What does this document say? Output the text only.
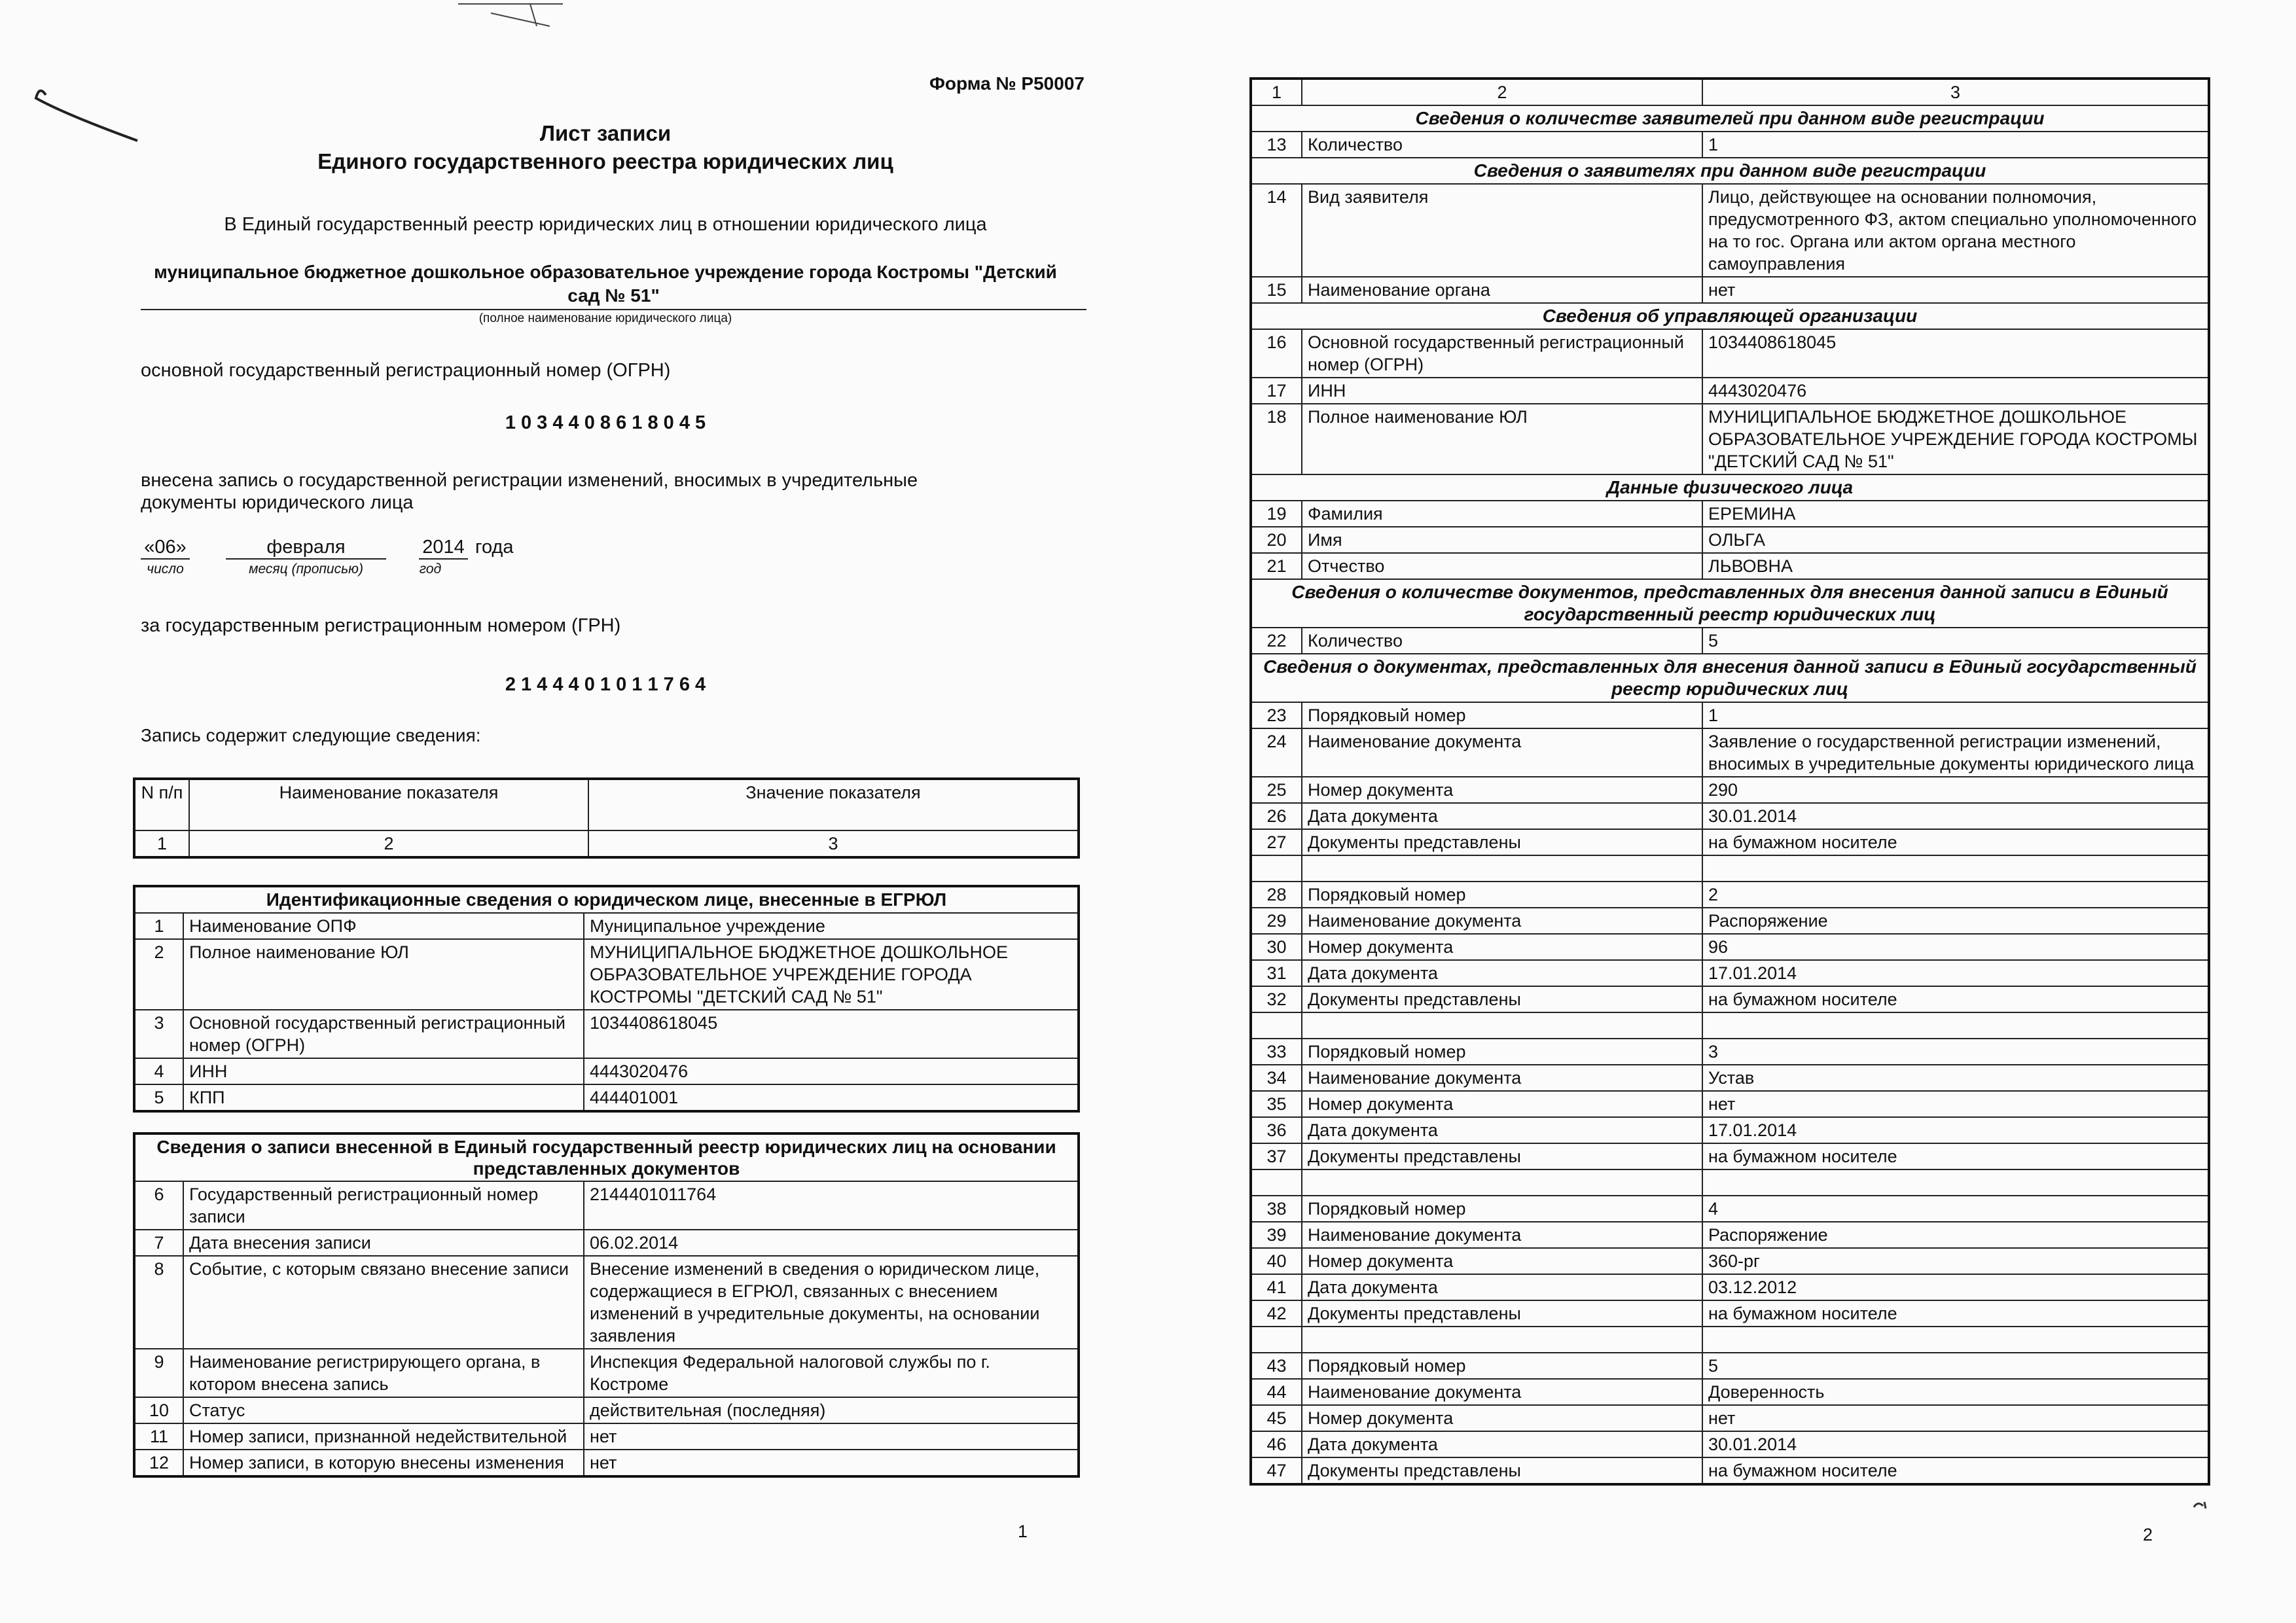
Форма № Р50007
Лист записи
Единого государственного реестра юридических лиц
В Единый государственный реестр юридических лиц в отношении юридического лица
муниципальное бюджетное дошкольное образовательное учреждение города Костромы "Детский
сад № 51"
(полное наименование юридического лица)
основной государственный регистрационный номер (ОГРН)
1 0 3 4 4 0 8 6 1 8 0 4 5
внесена запись о государственной регистрации изменений, вносимых в учредительные
документы юридического лица
«06»	февраля	2014 года
число	месяц (прописью)	год
за государственным регистрационным номером (ГРН)
2 1 4 4 4 0 1 0 1 1 7 6 4
Запись содержит следующие сведения:
N п/п	Наименование показателя	Значение показателя
1	2	3
Идентификационные сведения о юридическом лице, внесенные в ЕГРЮЛ		
1	Наименование ОПФ	Муниципальное учреждение
2	Полное наименование ЮЛ	МУНИЦИПАЛЬНОЕ БЮДЖЕТНОЕ ДОШКОЛЬНОЕ ОБРАЗОВАТЕЛЬНОЕ УЧРЕЖДЕНИЕ ГОРОДА КОСТРОМЫ "ДЕТСКИЙ САД № 51"
3	Основной государственный регистрационный номер (ОГРН)	1034408618045
4	ИНН	4443020476
5	КПП	444401001
Сведения о записи внесенной в Единый государственный реестр юридических лиц на основании представленных документов		
6	Государственный регистрационный номер записи	2144401011764
7	Дата внесения записи	06.02.2014
8	Событие, с которым связано внесение записи	Внесение изменений в сведения о юридическом лице, содержащиеся в ЕГРЮЛ, связанных с внесением изменений в учредительные документы, на основании заявления
9	Наименование регистрирующего органа, в котором внесена запись	Инспекция Федеральной налоговой службы по г. Костроме
10	Статус	действительная (последняя)
11	Номер записи, признанной недействительной	нет
12	Номер записи, в которую внесены изменения	нет
1
1	2	3
Сведения о количестве заявителей при данном виде регистрации		
13	Количество	1
Сведения о заявителях при данном виде регистрации		
14	Вид заявителя	Лицо, действующее на основании полномочия, предусмотренного ФЗ, актом специально уполномоченного на то гос. Органа или актом органа местного самоуправления
15	Наименование органа	нет
Сведения об управляющей организации		
16	Основной государственный регистрационный номер (ОГРН)	1034408618045
17	ИНН	4443020476
18	Полное наименование ЮЛ	МУНИЦИПАЛЬНОЕ БЮДЖЕТНОЕ ДОШКОЛЬНОЕ ОБРАЗОВАТЕЛЬНОЕ УЧРЕЖДЕНИЕ ГОРОДА КОСТРОМЫ "ДЕТСКИЙ САД № 51"
Данные физического лица		
19	Фамилия	ЕРЕМИНА
20	Имя	ОЛЬГА
21	Отчество	ЛЬВОВНА
Сведения о количестве документов, представленных для внесения данной записи в Единый государственный реестр юридических лиц		
22	Количество	5
Сведения о документах, представленных для внесения данной записи в Единый государственный реестр юридических лиц		
23	Порядковый номер	1
24	Наименование документа	Заявление о государственной регистрации изменений, вносимых в учредительные документы юридического лица
25	Номер документа	290
26	Дата документа	30.01.2014
27	Документы представлены	на бумажном носителе

28	Порядковый номер	2
29	Наименование документа	Распоряжение
30	Номер документа	96
31	Дата документа	17.01.2014
32	Документы представлены	на бумажном носителе

33	Порядковый номер	3
34	Наименование документа	Устав
35	Номер документа	нет
36	Дата документа	17.01.2014
37	Документы представлены	на бумажном носителе

38	Порядковый номер	4
39	Наименование документа	Распоряжение
40	Номер документа	360-рг
41	Дата документа	03.12.2012
42	Документы представлены	на бумажном носителе

43	Порядковый номер	5
44	Наименование документа	Доверенность
45	Номер документа	нет
46	Дата документа	30.01.2014
47	Документы представлены	на бумажном носителе
2
